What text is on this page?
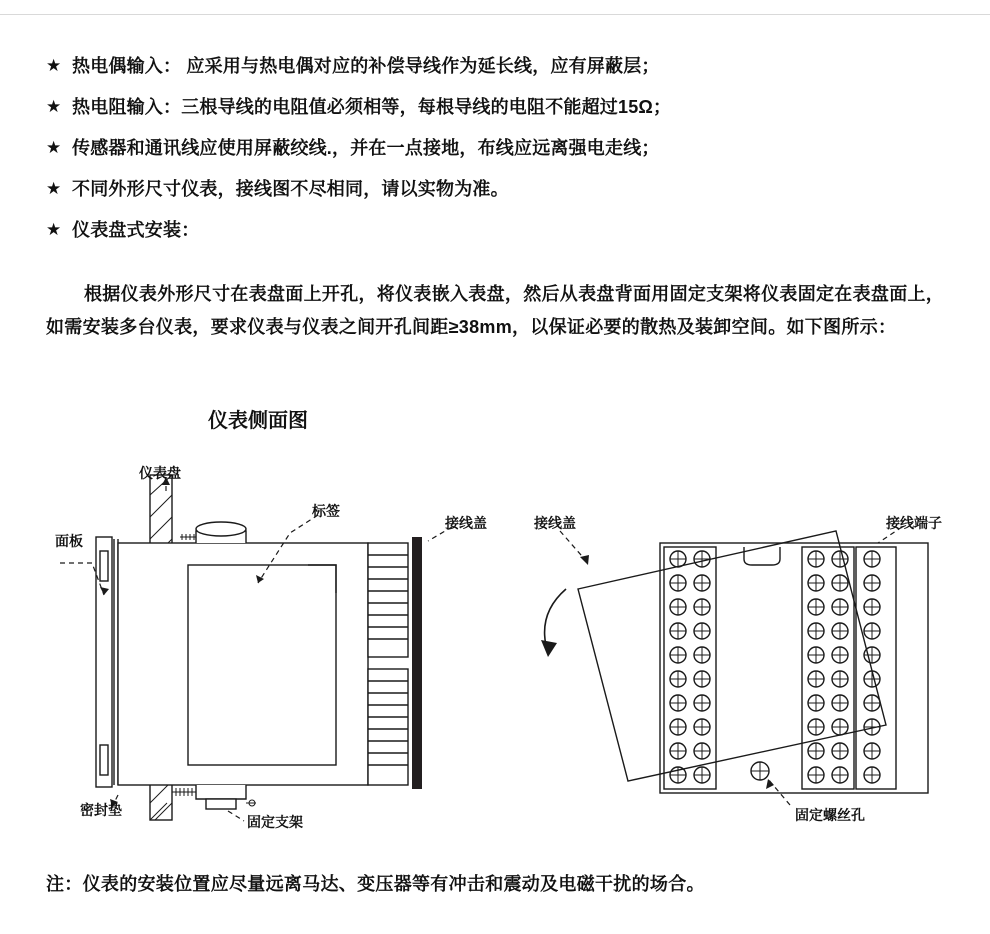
★ 热电偶输入： 应采用与热电偶对应的补偿导线作为延长线，应有屏蔽层；
★ 热电阻输入：三根导线的电阻值必须相等，每根导线的电阻不能超过15Ω；
★ 传感器和通讯线应使用屏蔽绞线.，并在一点接地，布线应远离强电走线；
★ 不同外形尺寸仪表，接线图不尽相同，请以实物为准。
★ 仪表盘式安装：
根据仪表外形尺寸在表盘面上开孔，将仪表嵌入表盘，然后从表盘背面用固定支架将仪表固定在表盘面上，如需安装多台仪表，要求仪表与仪表之间开孔间距≥38mm，以保证必要的散热及装卸空间。如下图所示：
仪表侧面图
仪表盘
面板
标签
接线盖	接线盖	接线端子
密封垫
固定支架	固定螺丝孔
注：仪表的安装位置应尽量远离马达、变压器等有冲击和震动及电磁干扰的场合。
